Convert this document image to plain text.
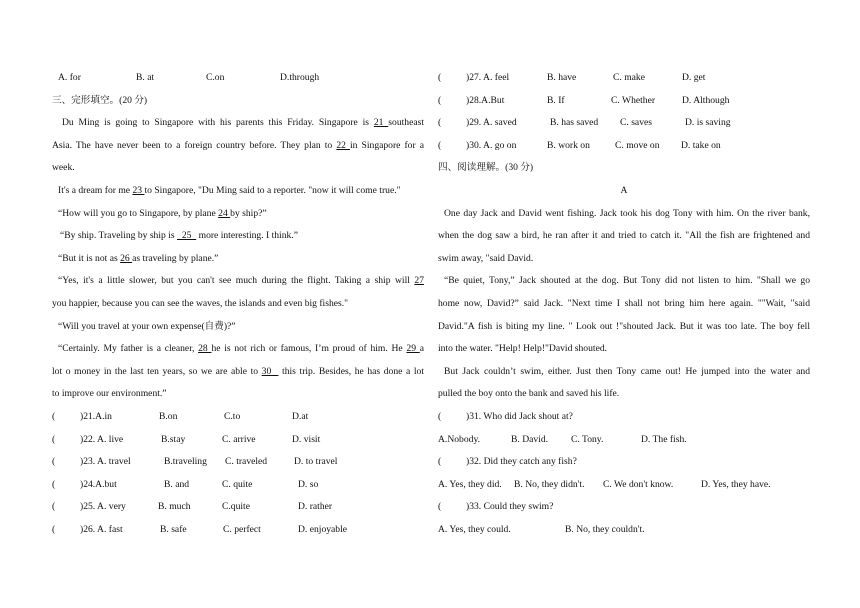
A. for	B. at	C.on	D.through
三、完形填空。(20 分)
Du Ming is going to Singapore with his parents this Friday. Singapore is 21 southeast
Asia. The have never been to a foreign country before. They plan to 22 in Singapore for a
week.
It's a dream for me 23 to Singapore, "Du Ming said to a reporter. "now it will come true."
“How will you go to Singapore, by plane 24 by ship?”
“By ship. Traveling by ship is   25   more interesting. I think.”
“But it is not as 26 as traveling by plane.”
“Yes, it's a little slower, but you can't see much during the flight. Taking a ship will 27
you happier, because you can see the waves, the islands and even big fishes."
“Will you travel at your own expense(自费)?”
“Certainly. My father is a cleaner, 28 he is not rich or famous, I’m proud of him. He 29 a
lot o money in the last ten years, so we are able to 30   this trip. Besides, he has done a lot
to improve our environment.”
(	)21.A.in	B.on	C.to	D.at
(	)22. A. live	B.stay	C. arrive	D. visit
(	)23. A. travel	B.traveling C. traveled	D. to travel
(	)24.A.but	B. and	C. quite	D. so
(	)25. A. very	B. much	C.quite	D. rather
(	)26. A. fast	B. safe	C. perfect	D. enjoyable
(	)27. A. feel	B. have	C. make	D. get
(	)28.A.But	B. If	C. Whether	D. Although
(	)29. A. saved	B. has saved C. saves	D. is saving
(	)30. A. go on	B. work on	C. move on D. take on
四、阅读理解。(30 分)
A
One day Jack and David went fishing. Jack took his dog Tony with him. On the river bank,
when the dog saw a bird, he ran after it and tried to catch it. "All the fish are frightened and
swim away, "said David.
“Be quiet, Tony,” Jack shouted at the dog. But Tony did not listen to him. "Shall we go
home now, David?” said Jack. "Next time I shall not bring him here again. ""Wait, "said
David."A fish is biting my line. " Look out !"shouted Jack. But it was too late. The boy fell
into the water. "Help! Help!"David shouted.
But Jack couldn’t swim, either. Just then Tony came out! He jumped into the water and
pulled the boy onto the bank and saved his life.
(	)31. Who did Jack shout at?
A.Nobody.	B. David. C. Tony.	D. The fish.
(	)32. Did they catch any fish?
A. Yes, they did. B. No, they didn't. C. We don't know.	D. Yes, they have.
(	)33. Could they swim?
A. Yes, they could.	B. No, they couldn't.
